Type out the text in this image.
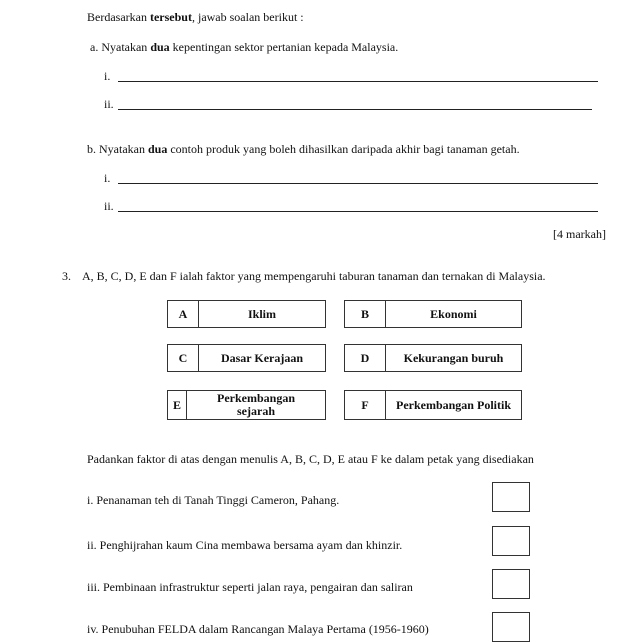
Berdasarkan tersebut, jawab soalan berikut :
a. Nyatakan dua kepentingan sektor pertanian kepada Malaysia.
i.
ii.
b. Nyatakan dua contoh produk yang boleh dihasilkan daripada akhir bagi tanaman getah.
i.
ii.
[4 markah]
3. A, B, C, D, E dan F ialah faktor yang mempengaruhi taburan tanaman dan ternakan di Malaysia.
A	Iklim	B	Ekonomi
C	Dasar Kerajaan	D	Kekurangan buruh
E	Perkembangan sejarah	F	Perkembangan Politik
Padankan faktor di atas dengan menulis A, B, C, D, E atau F ke dalam petak yang disediakan
i. Penanaman teh di Tanah Tinggi Cameron, Pahang.
ii. Penghijrahan kaum Cina membawa bersama ayam dan khinzir.
iii. Pembinaan infrastruktur seperti jalan raya, pengairan dan saliran
iv. Penubuhan FELDA dalam Rancangan Malaya Pertama (1956-1960)
